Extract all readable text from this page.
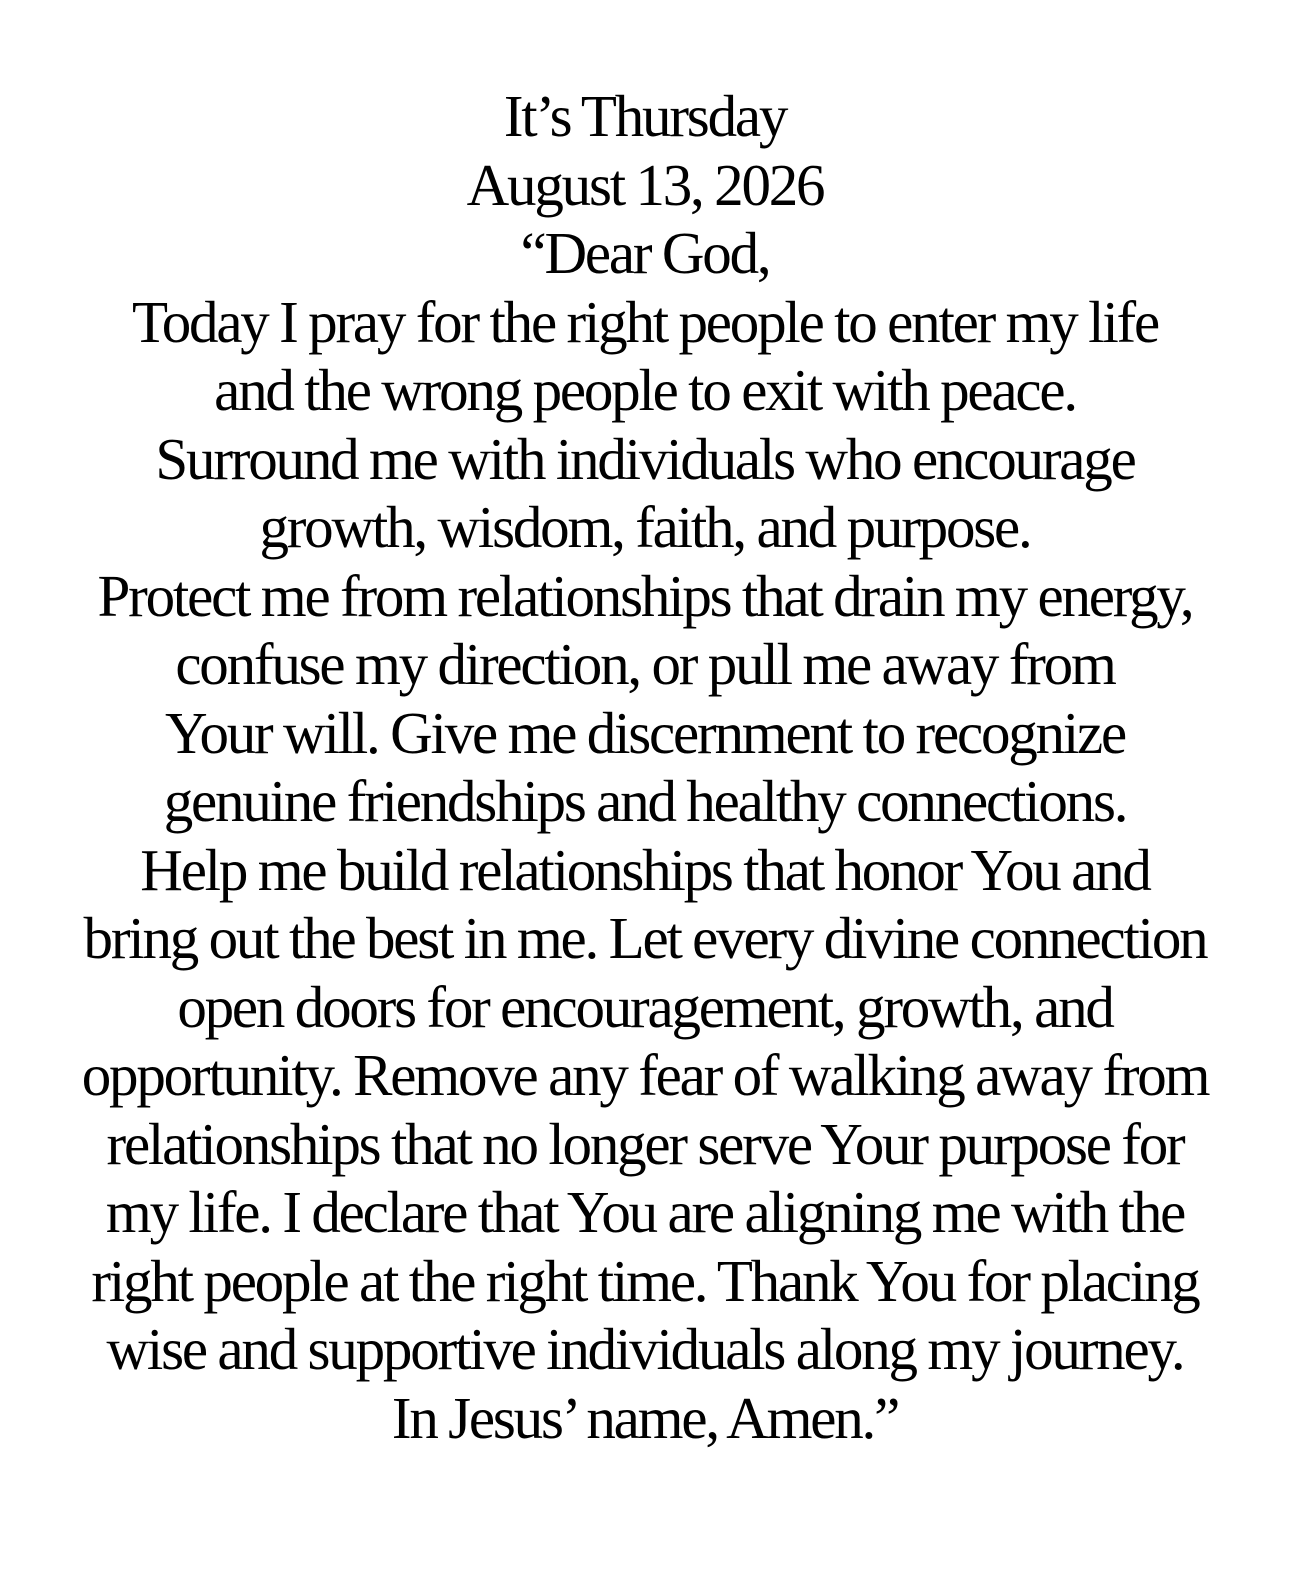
It’s Thursday
August 13, 2026
“Dear God,
Today I pray for the right people to enter my life
and the wrong people to exit with peace.
Surround me with individuals who encourage
growth, wisdom, faith, and purpose.
Protect me from relationships that drain my energy,
confuse my direction, or pull me away from
Your will. Give me discernment to recognize
genuine friendships and healthy connections.
Help me build relationships that honor You and
bring out the best in me. Let every divine connection
open doors for encouragement, growth, and
opportunity. Remove any fear of walking away from
relationships that no longer serve Your purpose for
my life. I declare that You are aligning me with the
right people at the right time. Thank You for placing
wise and supportive individuals along my journey.
In Jesus’ name, Amen.”
